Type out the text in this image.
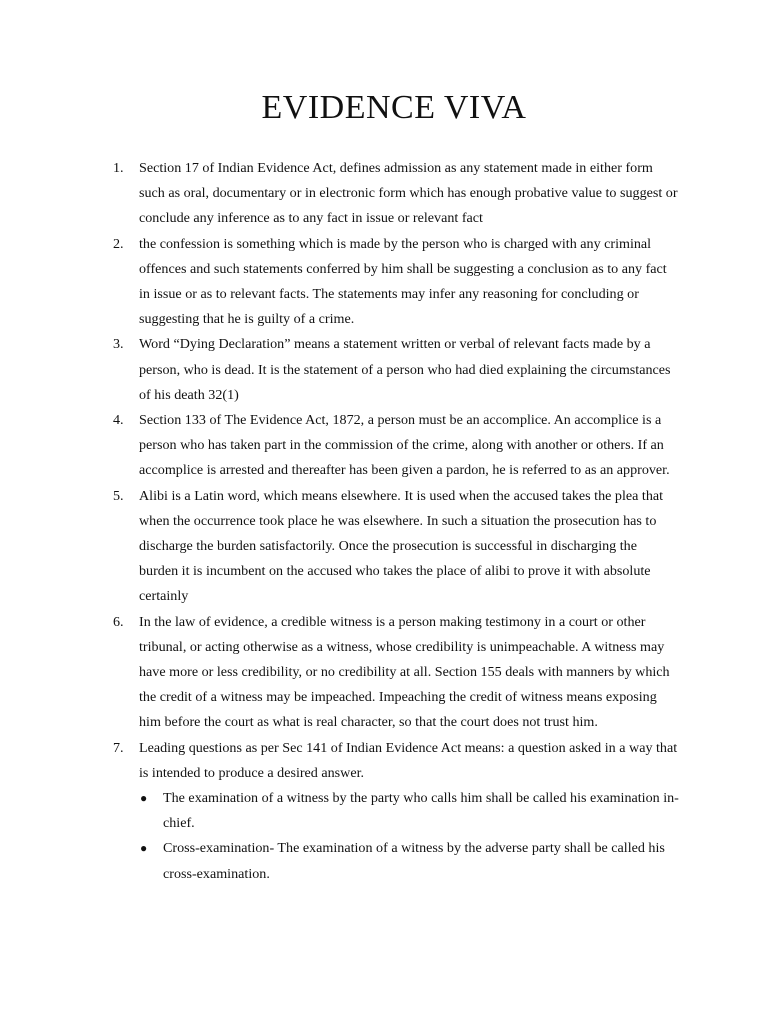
EVIDENCE VIVA
1. Section 17 of Indian Evidence Act, defines admission as any statement made in either form such as oral, documentary or in electronic form which has enough probative value to suggest or conclude any inference as to any fact in issue or relevant fact
2. the confession is something which is made by the person who is charged with any criminal offences and such statements conferred by him shall be suggesting a conclusion as to any fact in issue or as to relevant facts. The statements may infer any reasoning for concluding or suggesting that he is guilty of a crime.
3. Word “Dying Declaration” means a statement written or verbal of relevant facts made by a person, who is dead. It is the statement of a person who had died explaining the circumstances of his death 32(1)
4. Section 133 of The Evidence Act, 1872, a person must be an accomplice. An accomplice is a person who has taken part in the commission of the crime, along with another or others. If an accomplice is arrested and thereafter has been given a pardon, he is referred to as an approver.
5. Alibi is a Latin word, which means elsewhere. It is used when the accused takes the plea that when the occurrence took place he was elsewhere. In such a situation the prosecution has to discharge the burden satisfactorily. Once the prosecution is successful in discharging the burden it is incumbent on the accused who takes the place of alibi to prove it with absolute certainly
6. In the law of evidence, a credible witness is a person making testimony in a court or other tribunal, or acting otherwise as a witness, whose credibility is unimpeachable. A witness may have more or less credibility, or no credibility at all. Section 155 deals with manners by which the credit of a witness may be impeached. Impeaching the credit of witness means exposing him before the court as what is real character, so that the court does not trust him.
7. Leading questions as per Sec 141 of Indian Evidence Act means: a question asked in a way that is intended to produce a desired answer.
● The examination of a witness by the party who calls him shall be called his examination in-chief.
● Cross-examination- The examination of a witness by the adverse party shall be called his cross-examination.
